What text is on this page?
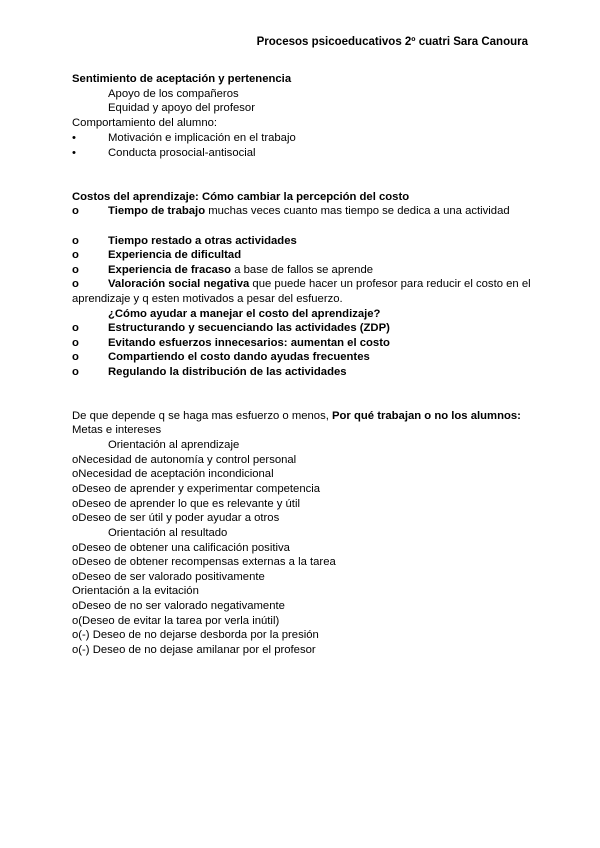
Procesos psicoeducativos 2º cuatri Sara Canoura
Sentimiento de aceptación y pertenencia
Apoyo de los compañeros
Equidad y apoyo del profesor
Comportamiento del alumno:
•	Motivación e implicación en el trabajo
•	Conducta prosocial-antisocial
Costos del aprendizaje: Cómo cambiar la percepción del costo
o	Tiempo de trabajo muchas veces cuanto mas tiempo se dedica a una actividad
o	Tiempo restado a otras actividades
o	Experiencia de dificultad
o	Experiencia de fracaso a base de fallos se aprende
o	Valoración social negativa que puede hacer un profesor para reducir el costo en el
aprendizaje y q esten motivados a pesar del esfuerzo.
¿Cómo ayudar a manejar el costo del aprendizaje?
o	Estructurando y secuenciando las actividades (ZDP)
o	Evitando esfuerzos innecesarios: aumentan el costo
o	Compartiendo el costo dando ayudas frecuentes
o	Regulando la distribución de las actividades
De que depende q se haga mas esfuerzo o menos, Por qué trabajan o no los alumnos:
Metas e intereses
Orientación al aprendizaje
oNecesidad de autonomía y control personal
oNecesidad de aceptación incondicional
oDeseo de aprender y experimentar competencia
oDeseo de aprender lo que es relevante y útil
oDeseo de ser útil y poder ayudar a otros
Orientación al resultado
oDeseo de obtener una calificación positiva
oDeseo de obtener recompensas externas a la tarea
oDeseo de ser valorado positivamente
Orientación a la evitación
oDeseo de no ser valorado negativamente
o(Deseo de evitar la tarea por verla inútil)
o(-) Deseo de no dejarse desborda por la presión
o(-) Deseo de no dejase amilanar por el profesor
